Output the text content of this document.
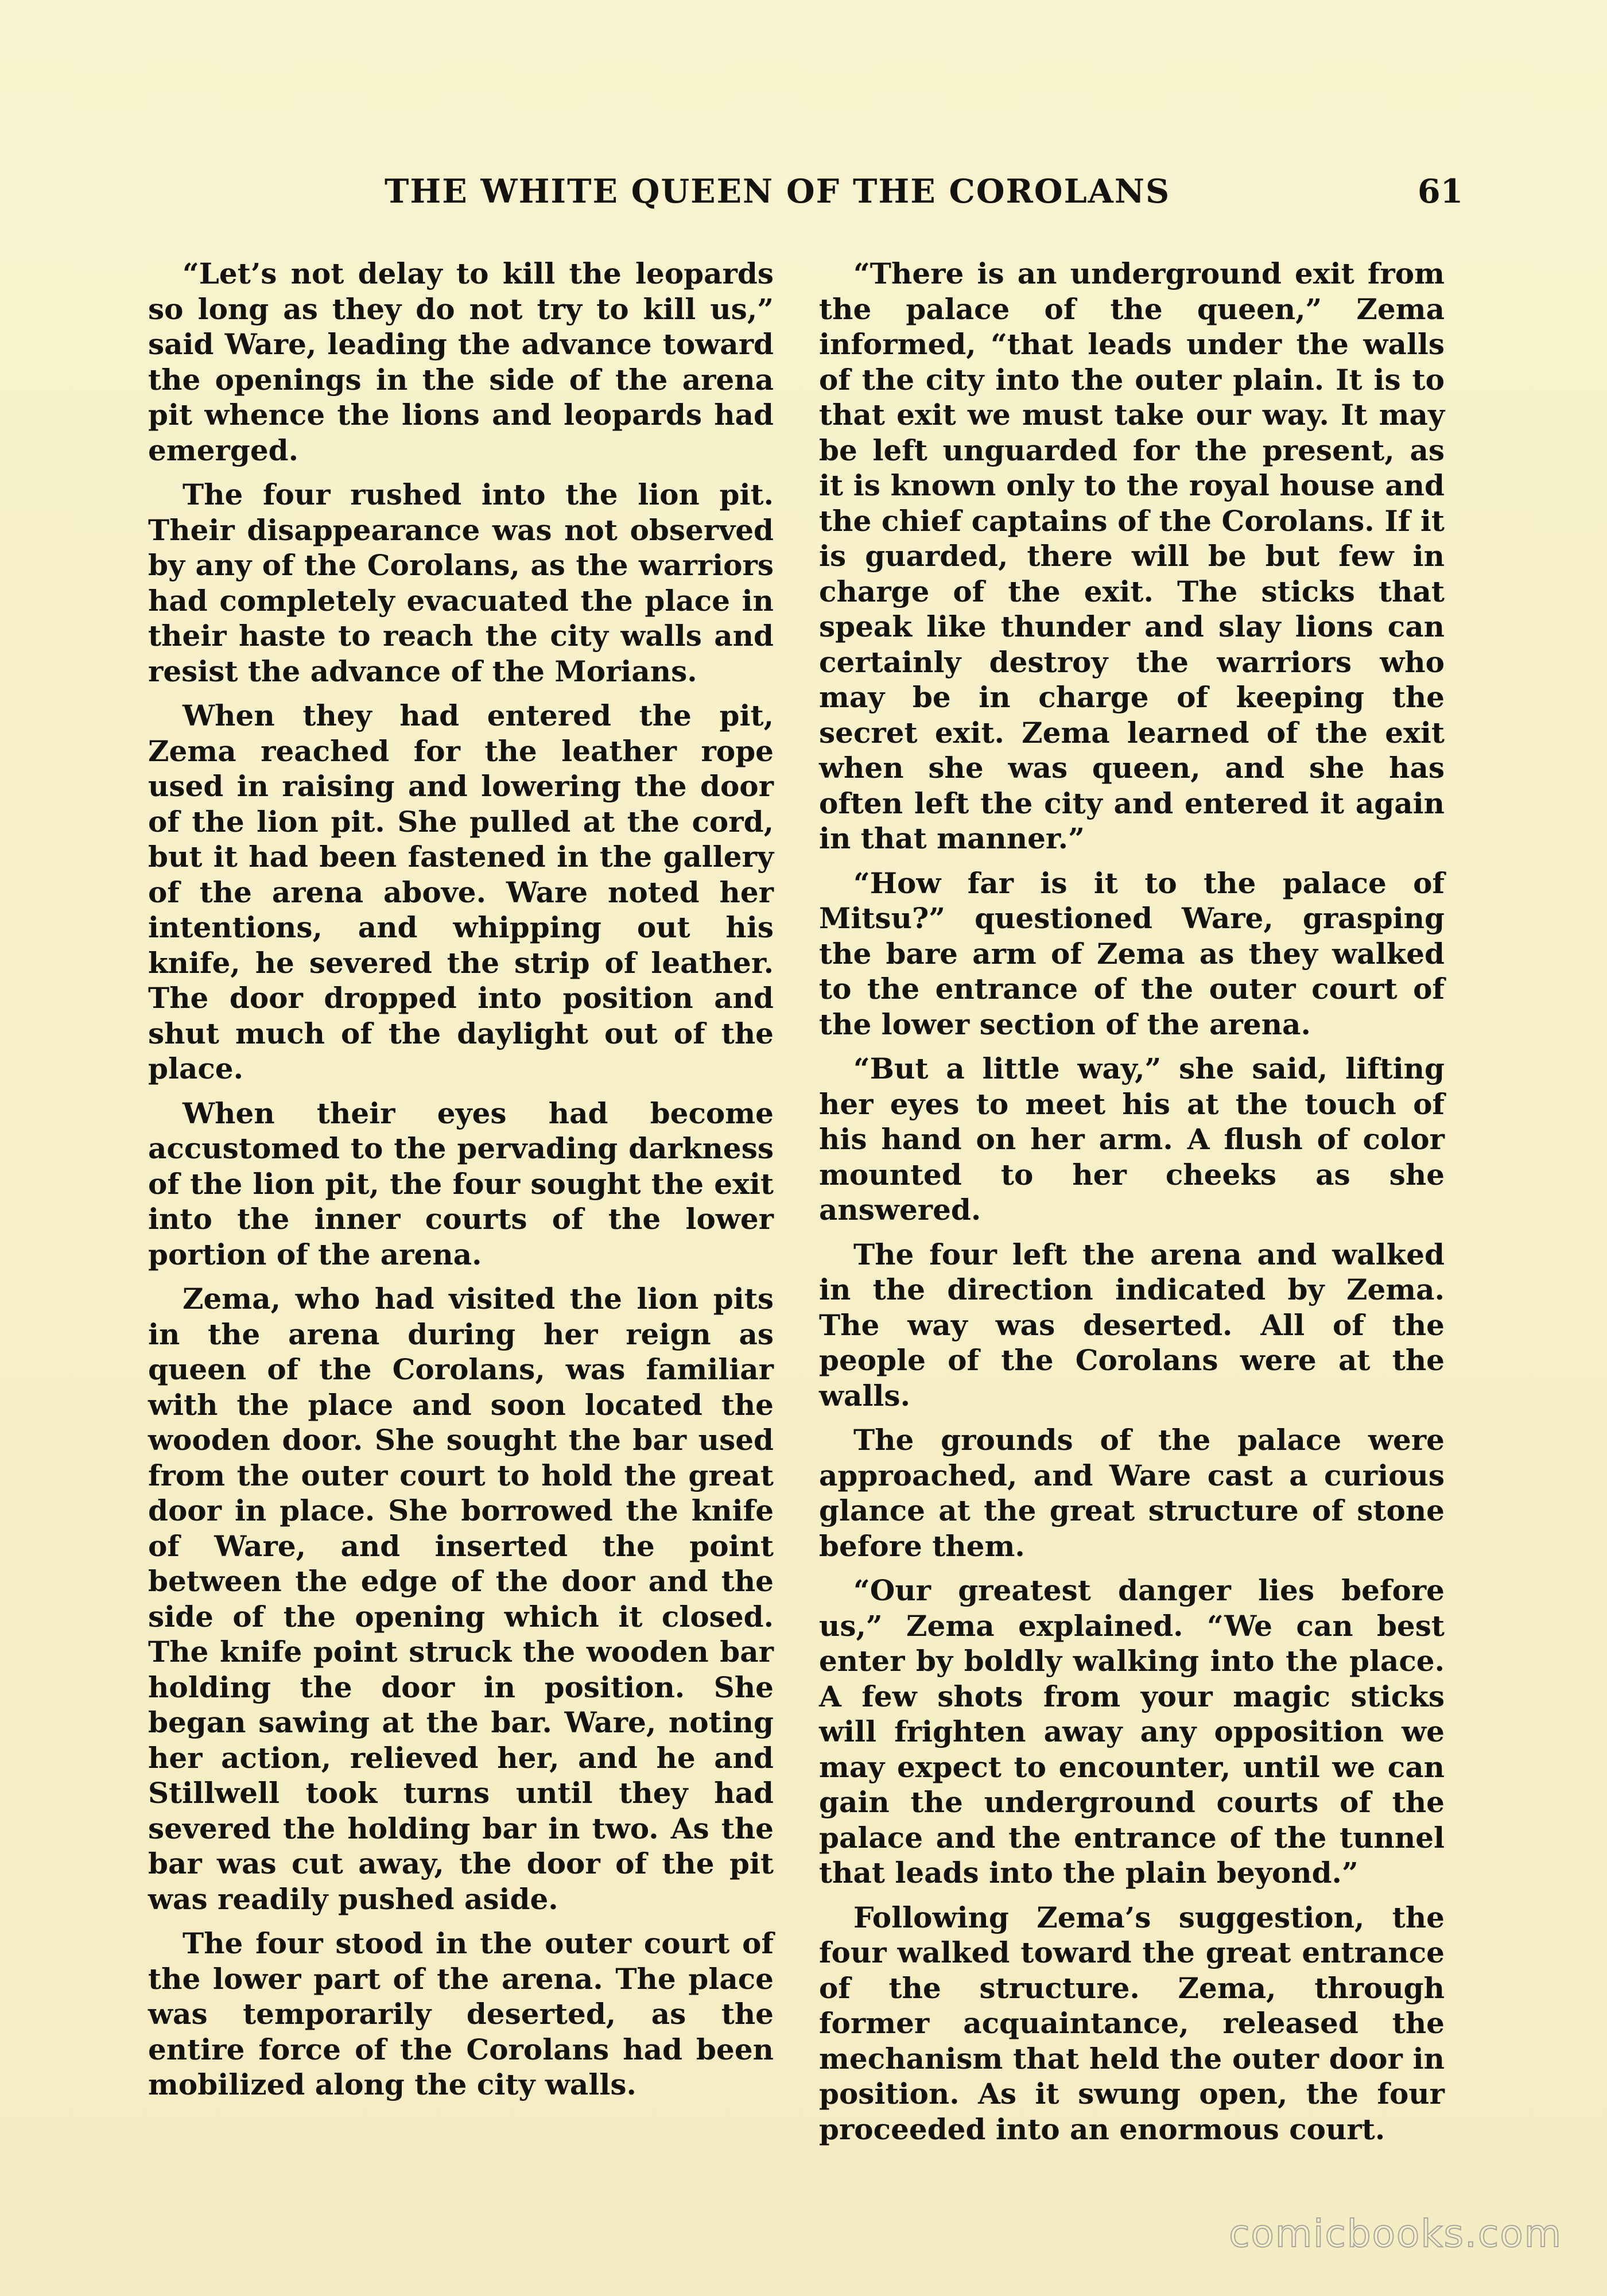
THE WHITE QUEEN OF THE COROLANS	61

“Let’s not delay to kill the leopards so long as they do not try to kill us,” said Ware, leading the advance toward the openings in the side of the arena pit whence the lions and leopards had emerged.

The four rushed into the lion pit. Their disappearance was not observed by any of the Corolans, as the warriors had completely evacuated the place in their haste to reach the city walls and resist the advance of the Morians.

When they had entered the pit, Zema reached for the leather rope used in raising and lowering the door of the lion pit. She pulled at the cord, but it had been fastened in the gallery of the arena above. Ware noted her intentions, and whipping out his knife, he severed the strip of leather. The door dropped into position and shut much of the daylight out of the place.

When their eyes had become accustomed to the pervading darkness of the lion pit, the four sought the exit into the inner courts of the lower portion of the arena.

Zema, who had visited the lion pits in the arena during her reign as queen of the Corolans, was familiar with the place and soon located the wooden door. She sought the bar used from the outer court to hold the great door in place. She borrowed the knife of Ware, and inserted the point between the edge of the door and the side of the opening which it closed. The knife point struck the wooden bar holding the door in position. She began sawing at the bar. Ware, noting her action, relieved her, and he and Stillwell took turns until they had severed the holding bar in two. As the bar was cut away, the door of the pit was readily pushed aside.

The four stood in the outer court of the lower part of the arena. The place was temporarily deserted, as the entire force of the Corolans had been mobilized along the city walls.

“There is an underground exit from the palace of the queen,” Zema informed, “that leads under the walls of the city into the outer plain. It is to that exit we must take our way. It may be left unguarded for the present, as it is known only to the royal house and the chief captains of the Corolans. If it is guarded, there will be but few in charge of the exit. The sticks that speak like thunder and slay lions can certainly destroy the warriors who may be in charge of keeping the secret exit. Zema learned of the exit when she was queen, and she has often left the city and entered it again in that manner.”

“How far is it to the palace of Mitsu?” questioned Ware, grasping the bare arm of Zema as they walked to the entrance of the outer court of the lower section of the arena.

“But a little way,” she said, lifting her eyes to meet his at the touch of his hand on her arm. A flush of color mounted to her cheeks as she answered.

The four left the arena and walked in the direction indicated by Zema. The way was deserted. All of the people of the Corolans were at the walls.

The grounds of the palace were approached, and Ware cast a curious glance at the great structure of stone before them.

“Our greatest danger lies before us,” Zema explained. “We can best enter by boldly walking into the place. A few shots from your magic sticks will frighten away any opposition we may expect to encounter, until we can gain the underground courts of the palace and the entrance of the tunnel that leads into the plain beyond.”

Following Zema’s suggestion, the four walked toward the great entrance of the structure. Zema, through former acquaintance, released the mechanism that held the outer door in position. As it swung open, the four proceeded into an enormous court.

comicbooks.com
